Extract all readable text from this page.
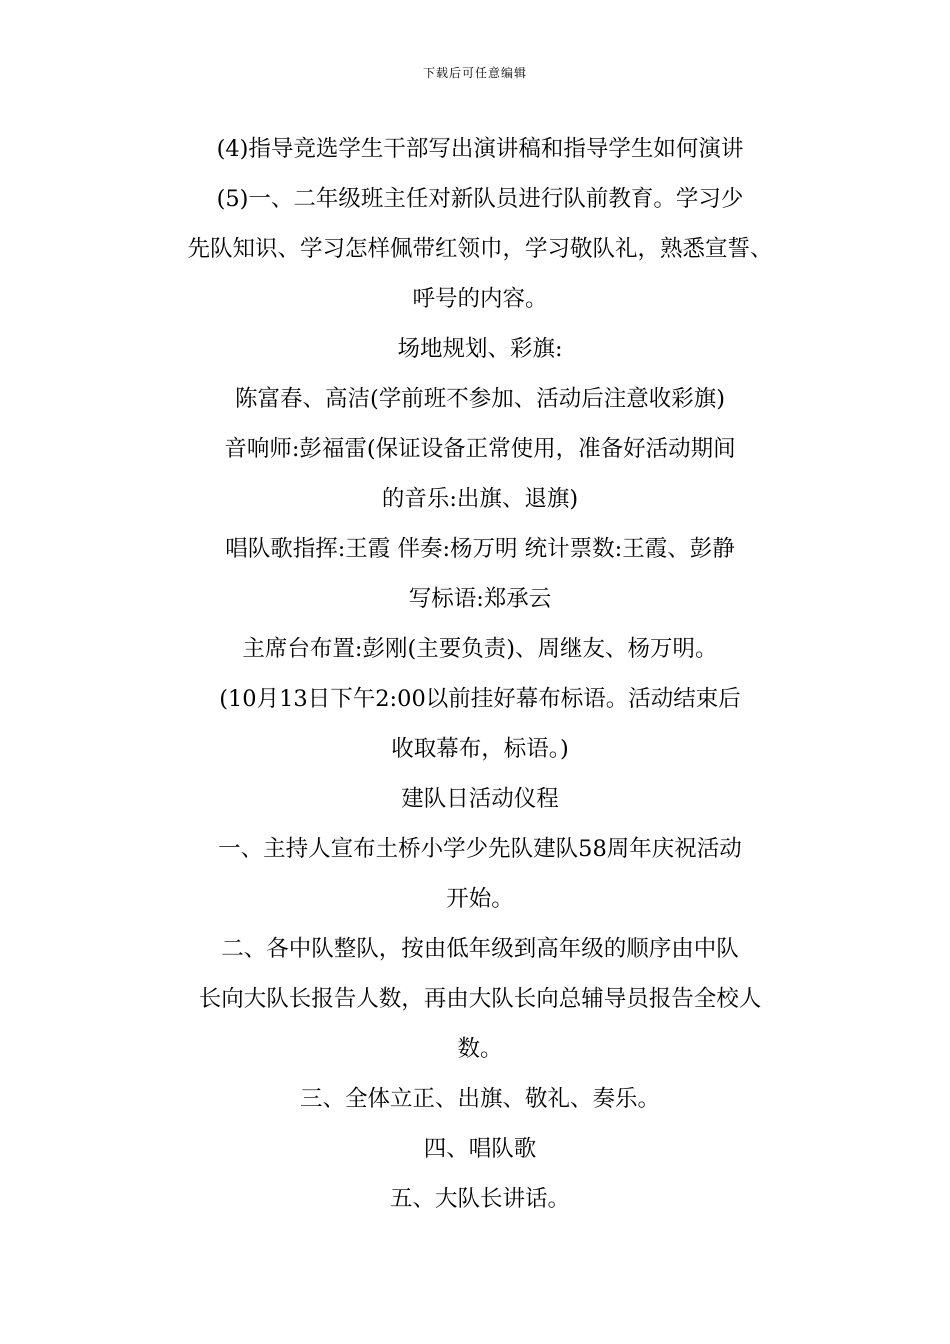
下载后可任意编辑
(4)指导竞选学生干部写出演讲稿和指导学生如何演讲
(5)一、二年级班主任对新队员进行队前教育。学习少
先队知识、学习怎样佩带红领巾，学习敬队礼，熟悉宣誓、
呼号的内容。
场地规划、彩旗:
陈富春、高洁(学前班不参加、活动后注意收彩旗)
音响师:彭福雷(保证设备正常使用，准备好活动期间
的音乐:出旗、退旗)
唱队歌指挥:王霞 伴奏:杨万明 统计票数:王霞、彭静
写标语:郑承云
主席台布置:彭刚(主要负责)、周继友、杨万明。
(10月13日下午2:00以前挂好幕布标语。活动结束后
收取幕布，标语。)
建队日活动仪程
一、主持人宣布土桥小学少先队建队58周年庆祝活动
开始。
二、各中队整队，按由低年级到高年级的顺序由中队
长向大队长报告人数，再由大队长向总辅导员报告全校人
数。
三、全体立正、出旗、敬礼、奏乐。
四、唱队歌
五、大队长讲话。
